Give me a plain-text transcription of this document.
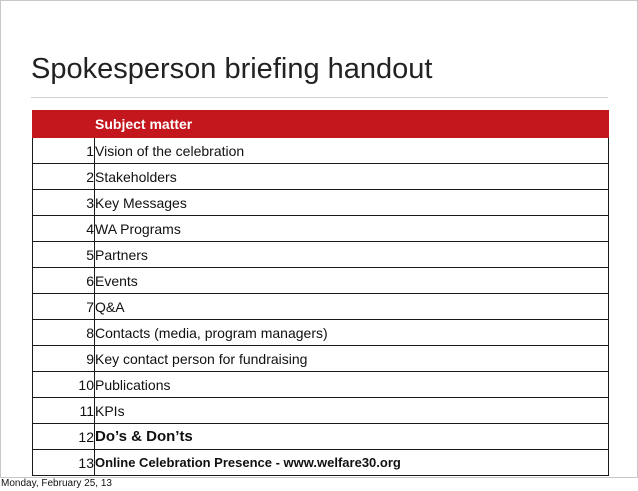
Spokesperson briefing handout
	Subject matter
1	Vision of the celebration
2	Stakeholders
3	Key Messages
4	WA Programs
5	Partners
6	Events
7	Q&A
8	Contacts (media, program managers)
9	Key contact person for fundraising
10	Publications
11	KPIs
12	Do’s & Don’ts
13	Online Celebration Presence - www.welfare30.org
Monday, February 25, 13
